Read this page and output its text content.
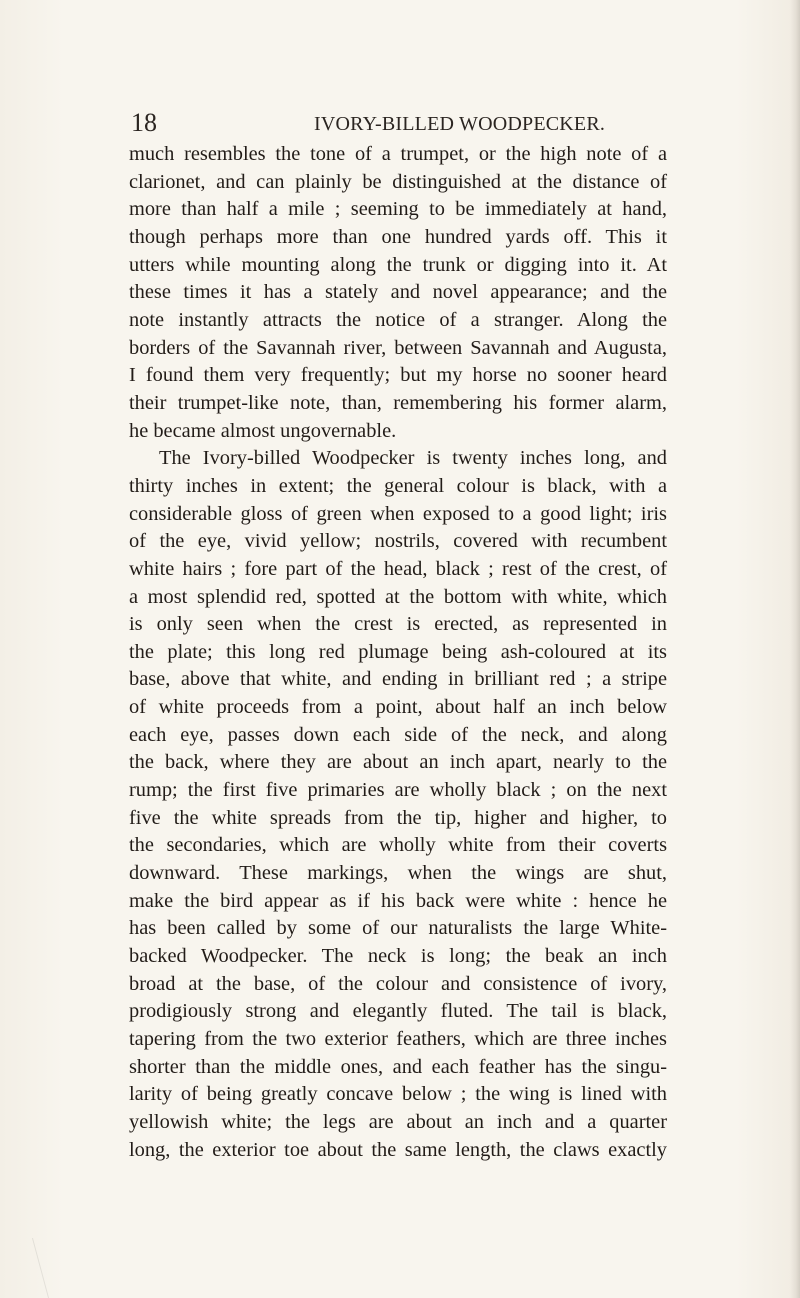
18	IVORY-BILLED WOODPECKER.
much resembles the tone of a trumpet, or the high note of a
clarionet, and can plainly be distinguished at the distance of
more than half a mile ; seeming to be immediately at hand,
though perhaps more than one hundred yards off. This it
utters while mounting along the trunk or digging into it. At
these times it has a stately and novel appearance; and the
note instantly attracts the notice of a stranger. Along the
borders of the Savannah river, between Savannah and Augusta,
I found them very frequently; but my horse no sooner heard
their trumpet-like note, than, remembering his former alarm,
he became almost ungovernable.
The Ivory-billed Woodpecker is twenty inches long, and
thirty inches in extent; the general colour is black, with a
considerable gloss of green when exposed to a good light; iris
of the eye, vivid yellow; nostrils, covered with recumbent
white hairs ; fore part of the head, black ; rest of the crest, of
a most splendid red, spotted at the bottom with white, which
is only seen when the crest is erected, as represented in
the plate; this long red plumage being ash-coloured at its
base, above that white, and ending in brilliant red ; a stripe
of white proceeds from a point, about half an inch below
each eye, passes down each side of the neck, and along
the back, where they are about an inch apart, nearly to the
rump; the first five primaries are wholly black ; on the next
five the white spreads from the tip, higher and higher, to
the secondaries, which are wholly white from their coverts
downward. These markings, when the wings are shut,
make the bird appear as if his back were white : hence he
has been called by some of our naturalists the large White-
backed Woodpecker. The neck is long; the beak an inch
broad at the base, of the colour and consistence of ivory,
prodigiously strong and elegantly fluted. The tail is black,
tapering from the two exterior feathers, which are three inches
shorter than the middle ones, and each feather has the singu-
larity of being greatly concave below ; the wing is lined with
yellowish white; the legs are about an inch and a quarter
long, the exterior toe about the same length, the claws exactly
